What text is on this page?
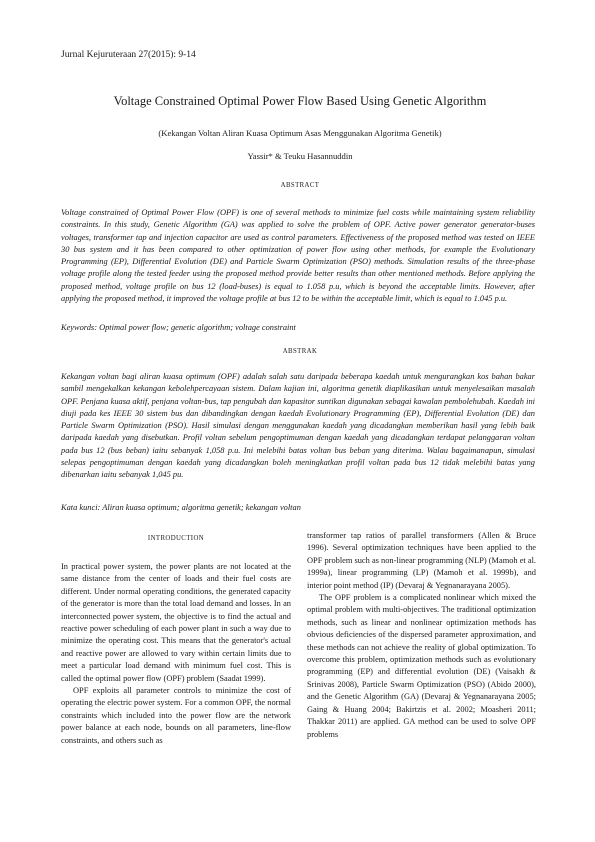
Jurnal Kejuruteraan 27(2015): 9-14
Voltage Constrained Optimal Power Flow Based Using Genetic Algorithm
(Kekangan Voltan Aliran Kuasa Optimum Asas Menggunakan Algoritma Genetik)
Yassir* & Teuku Hasannuddin
ABSTRACT
Voltage constrained of Optimal Power Flow (OPF) is one of several methods to minimize fuel costs while maintaining system reliability constraints. In this study, Genetic Algorithm (GA) was applied to solve the problem of OPF. Active power generator generator-buses voltages, transformer tap and injection capacitor are used as control parameters. Effectiveness of the proposed method was tested on IEEE 30 bus system and it has been compared to other optimization of power flow using other methods, for example the Evolutionary Programming (EP), Differential Evolution (DE) and Particle Swarm Optimization (PSO) methods. Simulation results of the three-phase voltage profile along the tested feeder using the proposed method provide better results than other mentioned methods. Before applying the proposed method, voltage profile on bus 12 (load-buses) is equal to 1.058 p.u, which is beyond the acceptable limits. However, after applying the proposed method, it improved the voltage profile at bus 12 to be within the acceptable limit, which is equal to 1.045 p.u.
Keywords: Optimal power flow; genetic algorithm; voltage constraint
ABSTRAK
Kekangan voltan bagi aliran kuasa optimum (OPF) adalah salah satu daripada beberapa kaedah untuk mengurangkan kos bahan bakar sambil mengekalkan kekangan kebolehpercayaan sistem. Dalam kajian ini, algoritma genetik diaplikasikan untuk menyelesaikan masalah OPF. Penjana kuasa aktif, penjana voltan-bus, tap pengubah dan kapasitor suntikan digunakan sebagai kawalan pembolehubah. Kaedah ini diuji pada kes IEEE 30 sistem bus dan dibandingkan dengan kaedah Evolutionary Programming (EP), Differential Evolution (DE) dan Particle Swarm Optimization (PSO). Hasil simulasi dengan menggunakan kaedah yang dicadangkan memberikan hasil yang lebih baik daripada kaedah yang disebutkan. Profil voltan sebelum pengoptimuman dengan kaedah yang dicadangkan terdapat pelanggaran voltan pada bus 12 (bus beban) iaitu sebanyak 1,058 p.u. Ini melebihi batas voltan bus beban yang diterima. Walau bagaimanapun, simulasi selepas pengoptimuman dengan kaedah yang dicadangkan boleh meningkatkan profil voltan pada bus 12 tidak melebihi batas yang dibenarkan iaitu sebanyak 1,045 pu.
Kata kunci: Aliran kuasa optimum; algoritma genetik; kekangan voltan
INTRODUCTION

In practical power system, the power plants are not located at the same distance from the center of loads and their fuel costs are different. Under normal operating conditions, the generated capacity of the generator is more than the total load demand and losses. In an interconnected power system, the objective is to find the actual and reactive power scheduling of each power plant in such a way due to minimize the operating cost. This means that the generator's actual and reactive power are allowed to vary within certain limits due to meet a particular load demand with minimum fuel cost. This is called the optimal power flow (OPF) problem (Saadat 1999).

OPF exploits all parameter controls to minimize the cost of operating the electric power system. For a common OPF, the normal constraints which included into the power flow are the network power balance at each node, bounds on all parameters, line-flow constraints, and others such as

transformer tap ratios of parallel transformers (Allen & Bruce 1996). Several optimization techniques have been applied to the OPF problem such as non-linear programming (NLP) (Mamoh et al. 1999a), linear programming (LP) (Mamoh et al. 1999b), and interior point method (IP) (Devaraj & Yegnanarayana 2005).

The OPF problem is a complicated nonlinear which mixed the optimal problem with multi-objectives. The traditional optimization methods, such as linear and nonlinear optimization methods has obvious deficiencies of the dispersed parameter approximation, and these methods can not achieve the reality of global optimization. To overcome this problem, optimization methods such as evolutionary programming (EP) and differential evolution (DE) (Vaisakh & Srinivas 2008), Particle Swarm Optimization (PSO) (Abido 2000), and the Genetic Algorithm (GA) (Devaraj & Yegnanarayana 2005; Gaing & Huang 2004; Bakirtzis et al. 2002; Moasheri 2011; Thakkar 2011) are applied. GA method can be used to solve OPF problems
